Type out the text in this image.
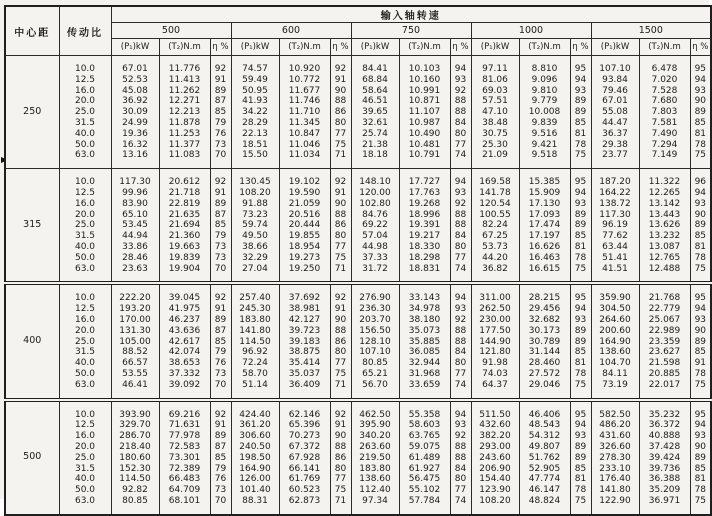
中心距	传动比	输入轴转速														
		500			600			750			1000			1500		
		(P₁)kW	(T₂)N.m	η %	(P₁)kW	(T₂)N.m	η %	(P₁)kW	(T₂)N.m	η %	(P₁)kW	(T₂)N.m	η %	(P₁)kW	(T₂)N.m	η %
250	10.0	67.01	11.776	92	74.57	10.920	92	84.41	10.103	94	97.11	8.810	95	107.10	6.478	95
	12.5	52.53	11.413	91	59.49	10.772	91	68.84	10.160	93	81.06	9.096	94	93.84	7.020	94
	16.0	45.08	11.262	89	50.95	11.677	90	58.64	10.991	92	69.03	9.810	93	79.46	7.528	93
	20.0	36.92	12.271	87	41.93	11.746	88	46.51	10.871	88	57.51	9.779	89	67.01	7.680	90
	25.0	30.09	12.213	85	34.22	11.710	86	39.65	11.107	88	47.10	10.008	89	55.08	7.803	89
	31.5	24.99	11.878	79	28.29	11.345	80	32.61	10.987	84	38.48	9.839	85	44.47	7.581	85
	40.0	19.36	11.253	76	22.13	10.847	77	25.74	10.490	80	30.75	9.516	81	36.37	7.490	81
	50.0	16.32	11.377	73	18.51	11.046	75	21.38	10.481	77	25.30	9.421	78	29.38	7.294	78
	63.0	13.16	11.083	70	15.50	11.034	71	18.18	10.791	74	21.09	9.518	75	23.77	7.149	75
315	10.0	117.30	20.612	92	130.45	19.102	92	148.10	17.727	94	169.58	15.385	95	187.20	11.322	96
	12.5	99.96	21.718	91	108.20	19.590	91	120.00	17.763	93	141.78	15.909	94	164.22	12.265	94
	16.0	83.90	22.819	89	91.88	21.059	90	102.80	19.268	92	120.54	17.130	93	138.72	13.142	93
	20.0	65.10	21.635	87	73.23	20.516	88	84.76	18.996	88	100.55	17.093	89	117.30	13.443	90
	25.0	53.45	21.694	85	59.74	20.444	86	69.22	19.391	88	82.24	17.474	89	96.19	13.626	89
	31.5	44.94	21.360	79	49.50	19.855	80	57.04	19.217	84	67.25	17.197	85	77.62	13.232	85
	40.0	33.86	19.663	73	38.66	18.954	77	44.98	18.330	80	53.73	16.626	81	63.44	13.087	81
	50.0	28.46	19.839	73	32.29	19.273	75	37.33	18.298	77	44.20	16.463	78	51.41	12.765	78
	63.0	23.63	19.904	70	27.04	19.250	71	31.72	18.831	74	36.82	16.615	75	41.51	12.488	75
400	10.0	222.20	39.045	92	257.40	37.692	92	276.90	33.143	94	311.00	28.215	95	359.90	21.768	95
	12.5	193.20	41.975	91	245.30	38.981	91	236.30	34.978	93	262.50	29.456	94	304.50	22.779	94
	16.0	170.00	46.237	89	183.80	42.127	90	203.70	38.180	92	230.00	32.682	93	264.60	25.067	93
	20.0	131.30	43.636	87	141.80	39.723	88	156.50	35.073	88	177.50	30.173	89	200.60	22.989	90
	25.0	105.00	42.617	85	114.50	39.183	86	128.10	35.885	88	144.90	30.789	89	164.90	23.359	89
	31.5	88.52	42.074	79	96.92	38.875	80	107.10	36.085	84	121.80	31.144	85	138.60	23.627	85
	40.0	66.57	38.653	76	72.24	35.414	77	80.85	32.944	80	91.98	28.460	81	104.70	21.598	91
	50.0	53.55	37.332	73	58.70	35.037	75	65.21	31.968	77	74.03	27.572	78	84.11	20.885	78
	63.0	46.41	39.092	70	51.14	36.409	71	56.70	33.659	74	64.37	29.046	75	73.19	22.017	75
500	10.0	393.90	69.216	92	424.40	62.146	92	462.50	55.358	94	511.50	46.406	95	582.50	35.232	95
	12.5	329.70	71.631	91	361.20	65.396	91	395.90	58.603	93	432.60	48.543	94	486.20	36.372	94
	16.0	286.70	77.978	89	306.60	70.273	90	340.20	63.765	92	382.20	54.312	93	431.60	40.888	93
	20.0	218.40	72.583	87	240.50	67.372	88	263.60	59.075	88	293.00	49.807	89	326.60	37.428	90
	25.0	180.60	73.301	85	198.50	67.928	86	219.50	61.489	88	243.60	51.762	89	278.30	39.424	89
	31.5	152.30	72.389	79	164.90	66.141	80	183.80	61.927	84	206.90	52.905	85	233.10	39.736	85
	40.0	114.50	66.483	76	126.00	61.769	77	138.60	56.475	80	154.40	47.774	81	176.40	36.388	81
	50.0	92.82	64.709	73	101.40	60.523	75	112.40	55.102	77	123.90	46.147	78	141.80	35.209	78
	63.0	80.85	68.101	70	88.31	62.873	71	97.34	57.784	74	108.20	48.824	75	122.90	36.971	75
